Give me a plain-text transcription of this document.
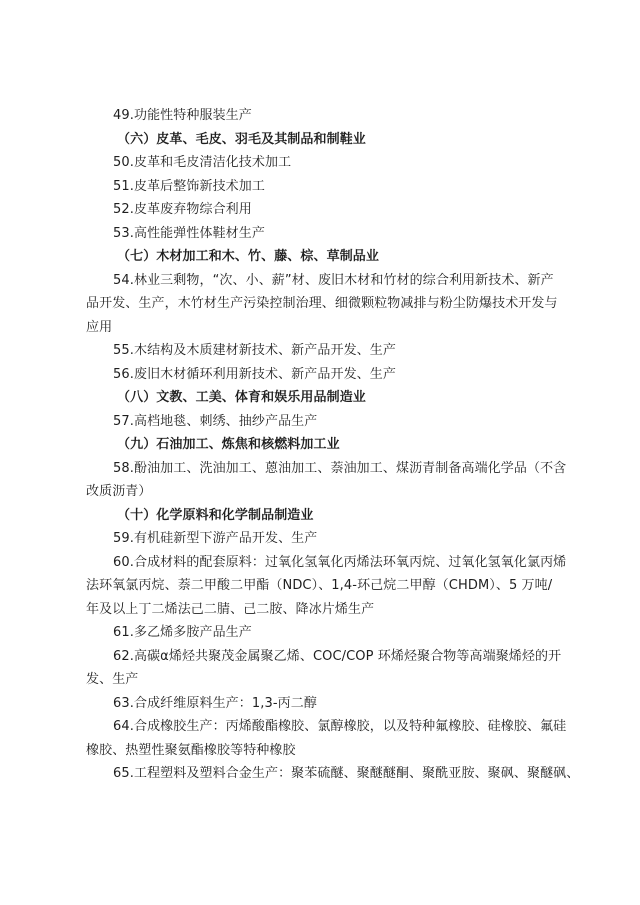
49.功能性特种服装生产
（六）皮革、毛皮、羽毛及其制品和制鞋业
50.皮革和毛皮清洁化技术加工
51.皮革后整饰新技术加工
52.皮革废弃物综合利用
53.高性能弹性体鞋材生产
（七）木材加工和木、竹、藤、棕、草制品业
54.林业三剩物，“次、小、薪”材、废旧木材和竹材的综合利用新技术、新产
品开发、生产，木竹材生产污染控制治理、细微颗粒物减排与粉尘防爆技术开发与
应用
55.木结构及木质建材新技术、新产品开发、生产
56.废旧木材循环利用新技术、新产品开发、生产
（八）文教、工美、体育和娱乐用品制造业
57.高档地毯、刺绣、抽纱产品生产
（九）石油加工、炼焦和核燃料加工业
58.酚油加工、洗油加工、蒽油加工、萘油加工、煤沥青制备高端化学品（不含
改质沥青）
（十）化学原料和化学制品制造业
59.有机硅新型下游产品开发、生产
60.合成材料的配套原料：过氧化氢氧化丙烯法环氧丙烷、过氧化氢氧化氯丙烯
法环氧氯丙烷、萘二甲酸二甲酯（NDC）、1,4-环己烷二甲醇（CHDM）、5 万吨/
年及以上丁二烯法己二腈、己二胺、降冰片烯生产
61.多乙烯多胺产品生产
62.高碳α烯烃共聚茂金属聚乙烯、COC/COP 环烯烃聚合物等高端聚烯烃的开
发、生产
63.合成纤维原料生产：1,3-丙二醇
64.合成橡胶生产：丙烯酸酯橡胶、氯醇橡胶，以及特种氟橡胶、硅橡胶、氟硅
橡胶、热塑性聚氨酯橡胶等特种橡胶
65.工程塑料及塑料合金生产：聚苯硫醚、聚醚醚酮、聚酰亚胺、聚砜、聚醚砜、
